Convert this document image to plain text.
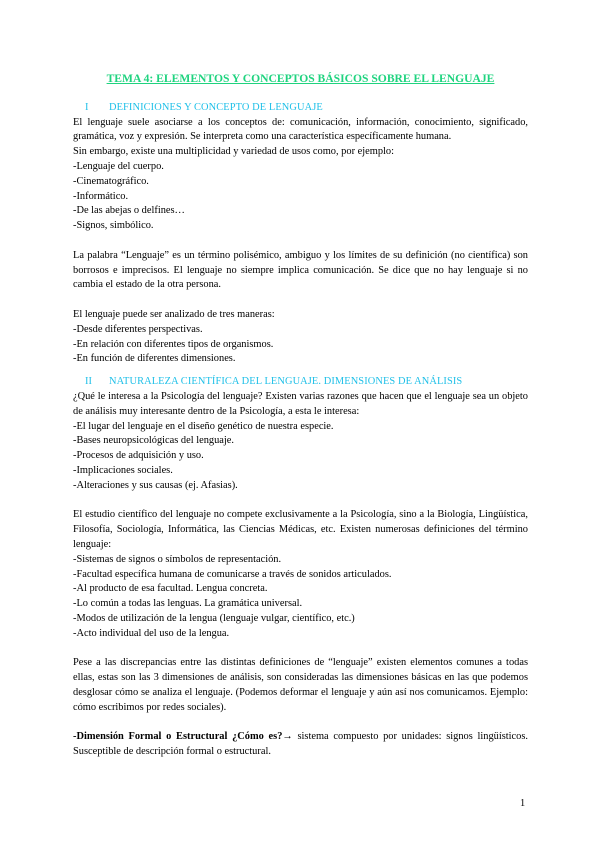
TEMA 4: ELEMENTOS Y CONCEPTOS BÁSICOS SOBRE EL LENGUAJE

I	DEFINICIONES Y CONCEPTO DE LENGUAJE

El lenguaje suele asociarse a los conceptos de: comunicación, información, conocimiento, significado, gramática, voz y expresión. Se interpreta como una característica específicamente humana.

Sin embargo, existe una multiplicidad y variedad de usos como, por ejemplo:

-Lenguaje del cuerpo.

-Cinematográfico.

-Informático.

-De las abejas o delfines…

-Signos, simbólico.

La palabra “Lenguaje” es un término polisémico, ambiguo y los límites de su definición (no científica) son borrosos e imprecisos. El lenguaje no siempre implica comunicación. Se dice que no hay lenguaje si no cambia el estado de la otra persona.

El lenguaje puede ser analizado de tres maneras:

-Desde diferentes perspectivas.

-En relación con diferentes tipos de organismos.

-En función de diferentes dimensiones.

II	NATURALEZA CIENTÍFICA DEL LENGUAJE. DIMENSIONES DE ANÁLISIS

¿Qué le interesa a la Psicología del lenguaje? Existen varias razones que hacen que el lenguaje sea un objeto de análisis muy interesante dentro de la Psicología, a esta le interesa:

-El lugar del lenguaje en el diseño genético de nuestra especie.

-Bases neuropsicológicas del lenguaje.

-Procesos de adquisición y uso.

-Implicaciones sociales.

-Alteraciones y sus causas (ej. Afasias).

El estudio científico del lenguaje no compete exclusivamente a la Psicología, sino a la Biología, Lingüística, Filosofía, Sociología, Informática, las Ciencias Médicas, etc. Existen numerosas definiciones del término lenguaje:

-Sistemas de signos o símbolos de representación.

-Facultad específica humana de comunicarse a través de sonidos articulados.

-Al producto de esa facultad. Lengua concreta.

-Lo común a todas las lenguas. La gramática universal.

-Modos de utilización de la lengua (lenguaje vulgar, científico, etc.)

-Acto individual del uso de la lengua.

Pese a las discrepancias entre las distintas definiciones de “lenguaje” existen elementos comunes a todas ellas, estas son las 3 dimensiones de análisis, son consideradas las dimensiones básicas en las que podemos desglosar cómo se analiza el lenguaje. (Podemos deformar el lenguaje y aún así nos comunicamos. Ejemplo: cómo escribimos por redes sociales).

-Dimensión Formal o Estructural ¿Cómo es?→ sistema compuesto por unidades: signos lingüísticos. Susceptible de descripción formal o estructural.

1
